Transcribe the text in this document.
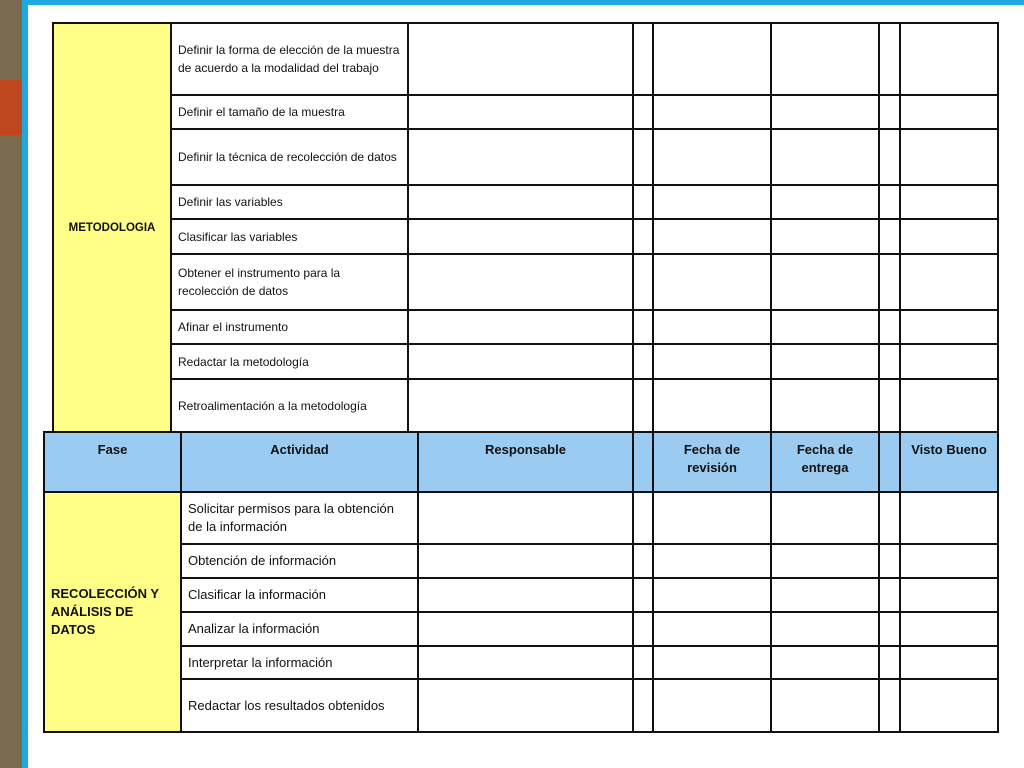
METODOLOGIA	Definir la forma de elección de la muestra de acuerdo a la modalidad del trabajo						
	Definir el tamaño de la muestra						
	Definir la técnica de recolección de datos						
	Definir las variables						
	Clasificar las variables						
	Obtener el instrumento para la recolección de datos						
	Afinar el instrumento						
	Redactar la metodología						
	Retroalimentación a la metodología						
Fase	Actividad	Responsable		Fecha de revisión	Fecha de entrega		Visto Bueno
RECOLECCIÓN Y ANÁLISIS DE DATOS	Solicitar permisos para la obtención de la información						
	Obtención de información						
	Clasificar la información						
	Analizar la información						
	Interpretar la información						
	Redactar los resultados obtenidos						
